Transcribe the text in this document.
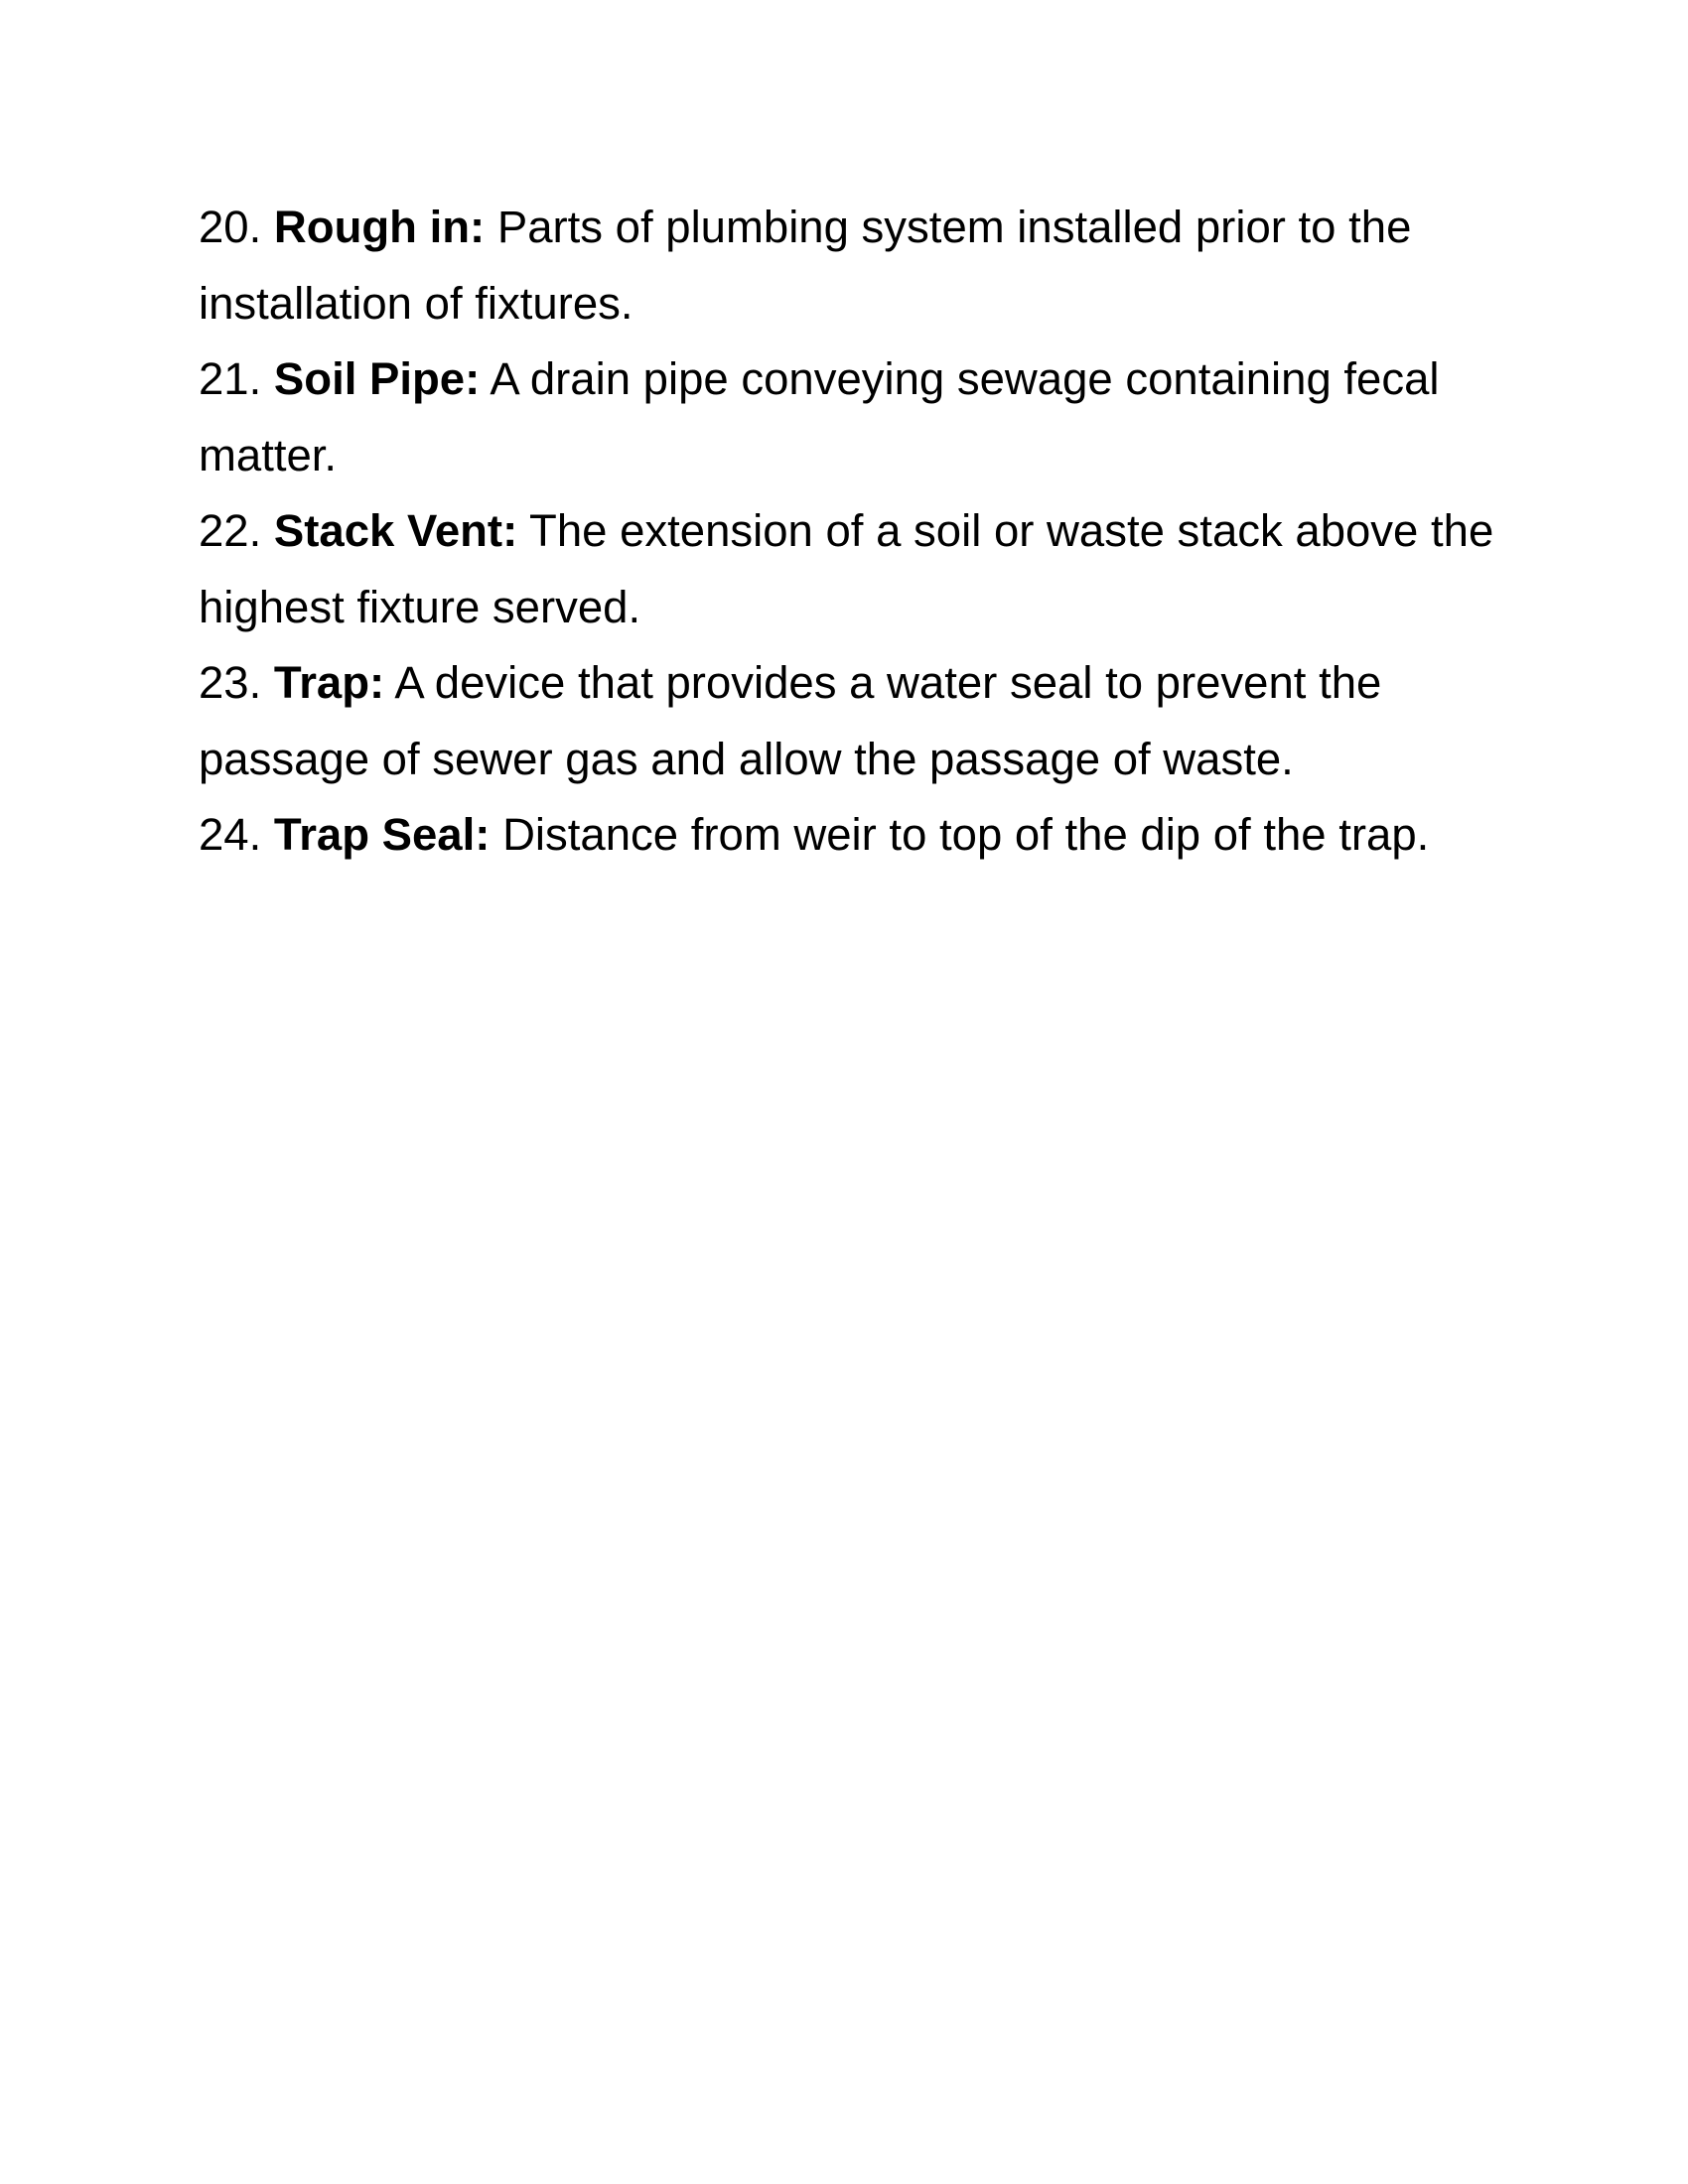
20. Rough in: Parts of plumbing system installed prior to the
installation of fixtures.

21. Soil Pipe: A drain pipe conveying sewage containing fecal
matter.

22. Stack Vent: The extension of a soil or waste stack above the
highest fixture served.

23. Trap: A device that provides a water seal to prevent the
passage of sewer gas and allow the passage of waste.

24. Trap Seal: Distance from weir to top of the dip of the trap.
